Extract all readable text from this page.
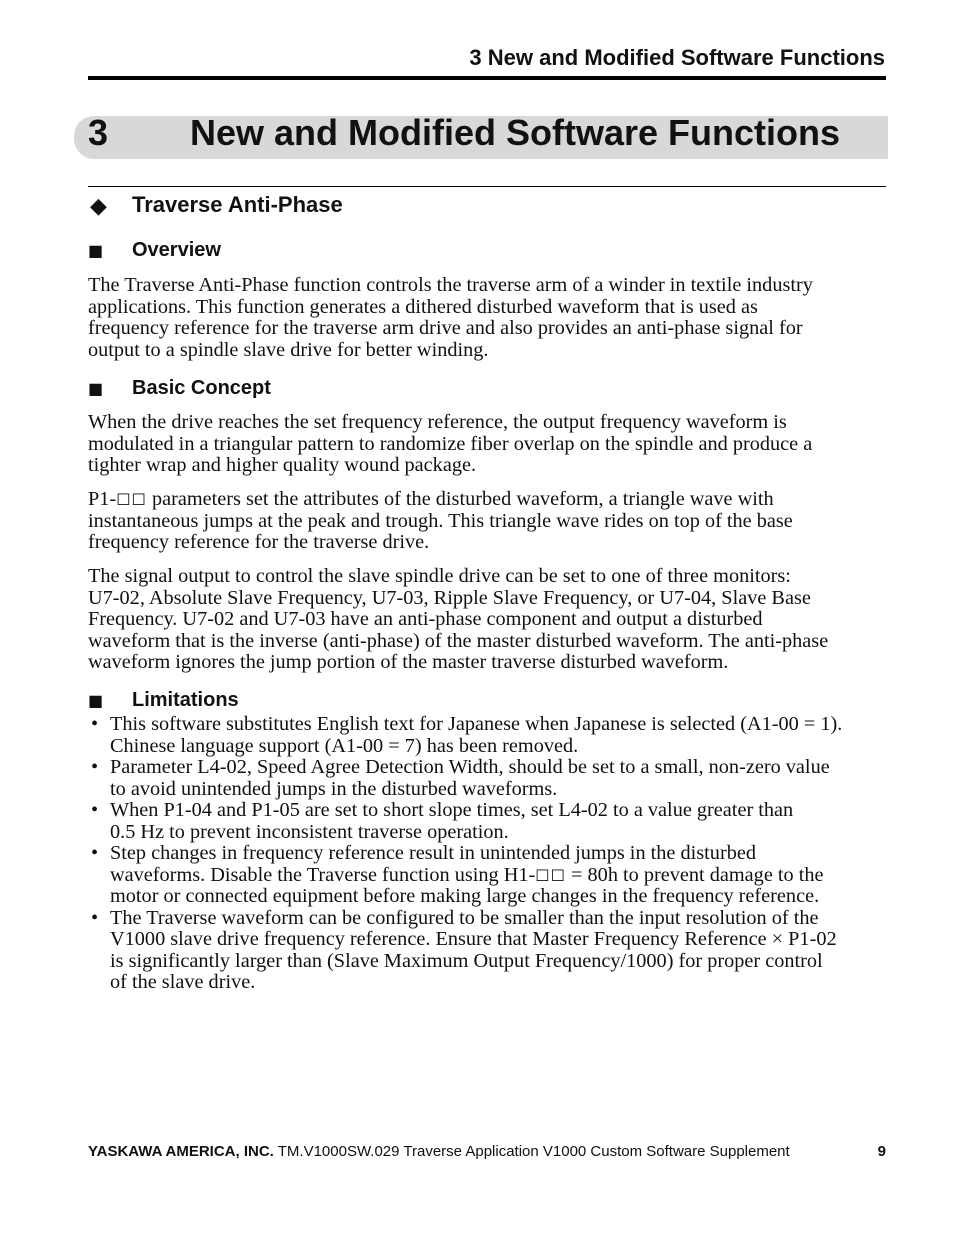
3 New and Modified Software Functions
3 New and Modified Software Functions
◆ Traverse Anti-Phase
■ Overview
The Traverse Anti-Phase function controls the traverse arm of a winder in textile industry
applications. This function generates a dithered disturbed waveform that is used as
frequency reference for the traverse arm drive and also provides an anti-phase signal for
output to a spindle slave drive for better winding.
■ Basic Concept
When the drive reaches the set frequency reference, the output frequency waveform is
modulated in a triangular pattern to randomize fiber overlap on the spindle and produce a
tighter wrap and higher quality wound package.
P1-☐☐ parameters set the attributes of the disturbed waveform, a triangle wave with
instantaneous jumps at the peak and trough. This triangle wave rides on top of the base
frequency reference for the traverse drive.
The signal output to control the slave spindle drive can be set to one of three monitors:
U7-02, Absolute Slave Frequency, U7-03, Ripple Slave Frequency, or U7-04, Slave Base
Frequency. U7-02 and U7-03 have an anti-phase component and output a disturbed
waveform that is the inverse (anti-phase) of the master disturbed waveform. The anti-phase
waveform ignores the jump portion of the master traverse disturbed waveform.
■ Limitations
• This software substitutes English text for Japanese when Japanese is selected (A1-00 = 1).
Chinese language support (A1-00 = 7) has been removed.
• Parameter L4-02, Speed Agree Detection Width, should be set to a small, non-zero value
to avoid unintended jumps in the disturbed waveforms.
• When P1-04 and P1-05 are set to short slope times, set L4-02 to a value greater than
0.5 Hz to prevent inconsistent traverse operation.
• Step changes in frequency reference result in unintended jumps in the disturbed
waveforms. Disable the Traverse function using H1-☐☐ = 80h to prevent damage to the
motor or connected equipment before making large changes in the frequency reference.
• The Traverse waveform can be configured to be smaller than the input resolution of the
V1000 slave drive frequency reference. Ensure that Master Frequency Reference × P1-02
is significantly larger than (Slave Maximum Output Frequency/1000) for proper control
of the slave drive.
YASKAWA AMERICA, INC. TM.V1000SW.029 Traverse Application V1000 Custom Software Supplement	9
